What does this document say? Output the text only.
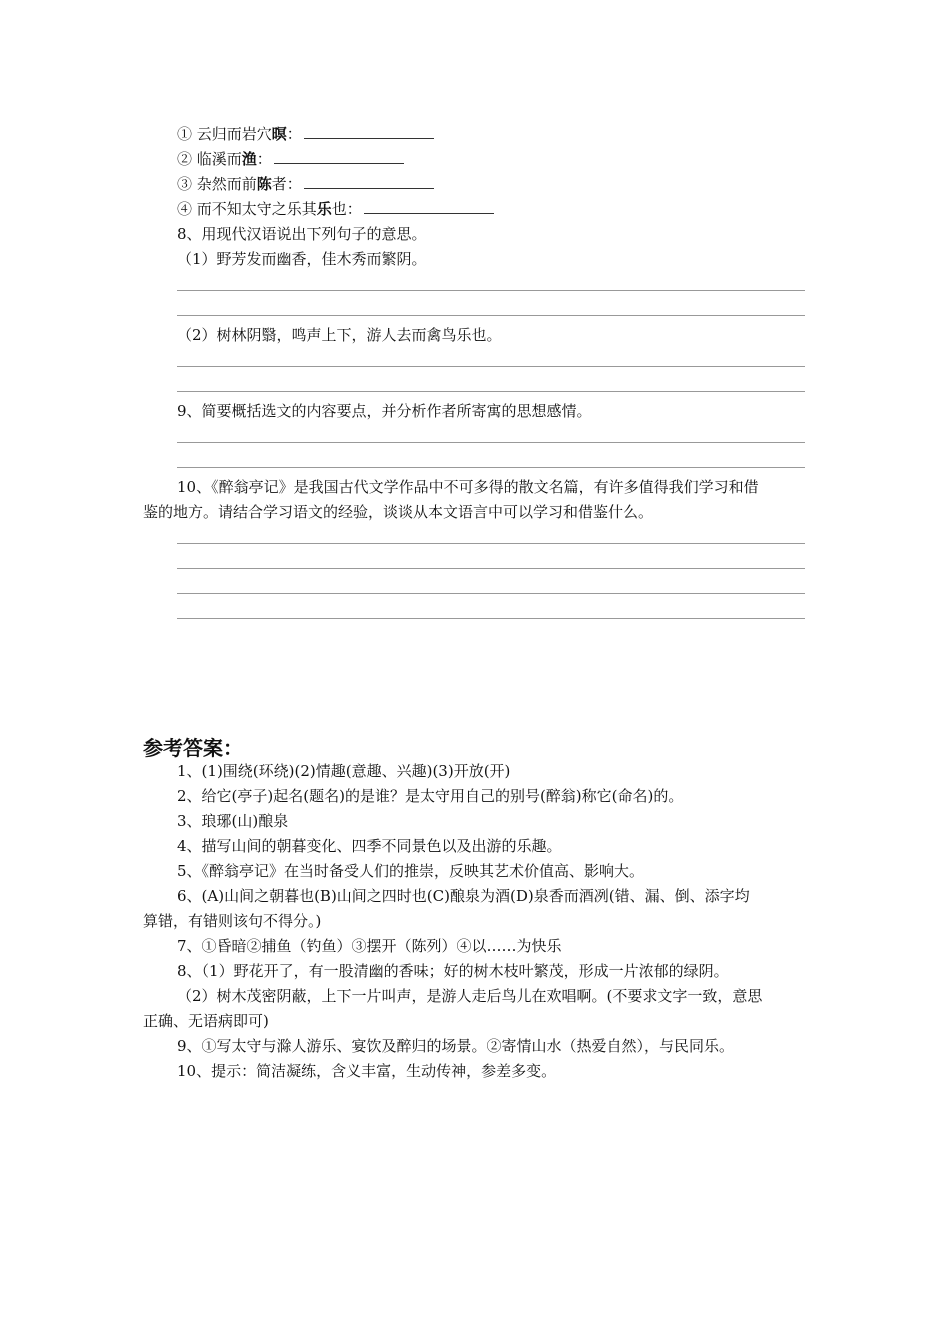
① 云归而岩穴暝：
② 临溪而渔：
③ 杂然而前陈者：
④ 而不知太守之乐其乐也：
8、用现代汉语说出下列句子的意思。
（1）野芳发而幽香，佳木秀而繁阴。
（2）树林阴翳，鸣声上下，游人去而禽鸟乐也。
9、简要概括选文的内容要点，并分析作者所寄寓的思想感情。
10、《醉翁亭记》是我国古代文学作品中不可多得的散文名篇，有许多值得我们学习和借
鉴的地方。请结合学习语文的经验，谈谈从本文语言中可以学习和借鉴什么。
参考答案：
1、(1)围绕(环绕)(2)情趣(意趣、兴趣)(3)开放(开)
2、给它(亭子)起名(题名)的是谁？是太守用自己的别号(醉翁)称它(命名)的。
3、琅琊(山)酿泉
4、描写山间的朝暮变化、四季不同景色以及出游的乐趣。
5、《醉翁亭记》在当时备受人们的推崇，反映其艺术价值高、影响大。
6、(A)山间之朝暮也(B)山间之四时也(C)酿泉为酒(D)泉香而酒冽(错、漏、倒、添字均
算错，有错则该句不得分。)
7、①昏暗②捕鱼（钓鱼）③摆开（陈列）④以……为快乐
8、（1）野花开了，有一股清幽的香味；好的树木枝叶繁茂，形成一片浓郁的绿阴。
（2）树木茂密阴蔽，上下一片叫声，是游人走后鸟儿在欢唱啊。(不要求文字一致，意思
正确、无语病即可)
9、①写太守与滁人游乐、宴饮及醉归的场景。②寄情山水（热爱自然），与民同乐。
10、提示：简洁凝练，含义丰富，生动传神，参差多变。
